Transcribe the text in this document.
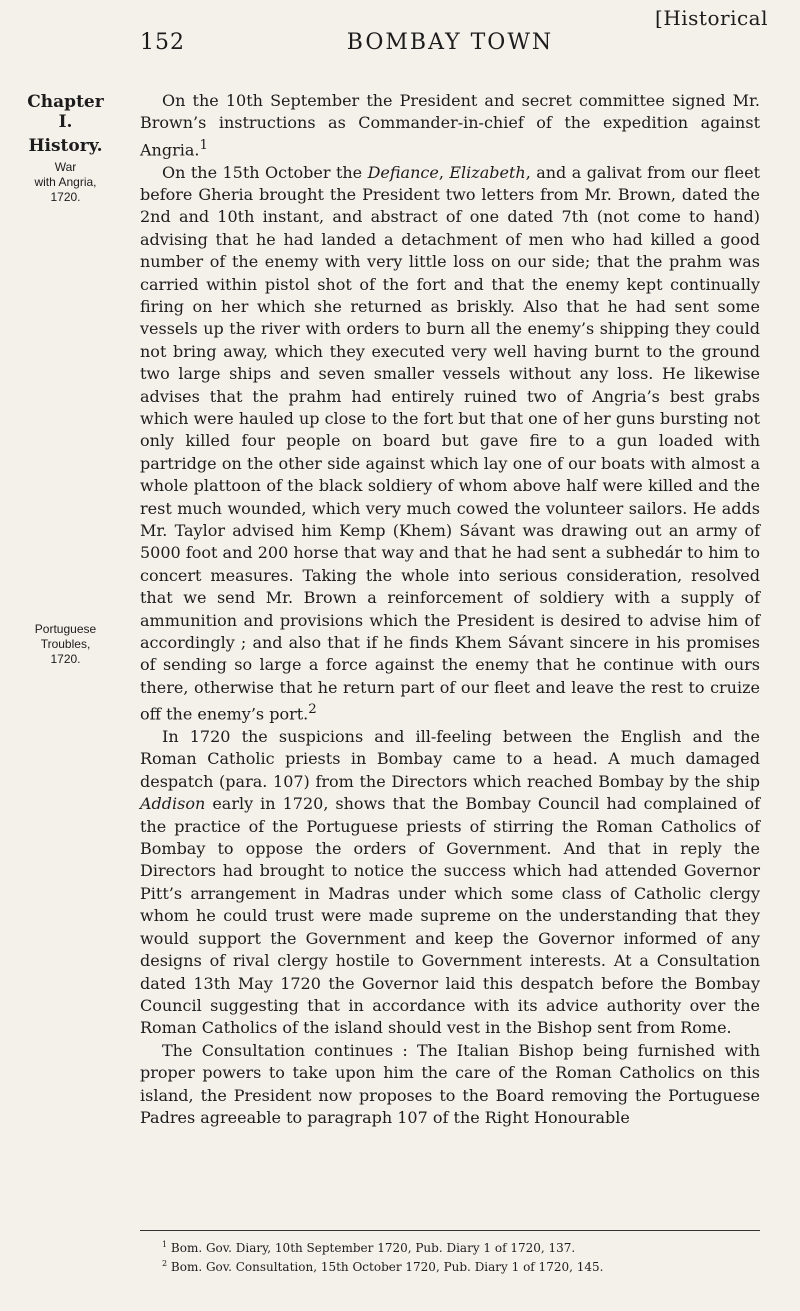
[Historical
152	BOMBAY TOWN
Chapter I.
History.
War
with Angria,
1720.
Portuguese
Troubles,
1720.

On the 10th September the President and secret committee signed Mr. Brown’s instructions as Commander-in-chief of the expedition against Angria.$^1$

On the 15th October the Defiance, Elizabeth, and a galivat from our fleet before Gheria brought the President two letters from Mr. Brown, dated the 2nd and 10th instant, and abstract of one dated 7th (not come to hand) advising that he had landed a detachment of men who had killed a good number of the enemy with very little loss on our side; that the prahm was carried within pistol shot of the fort and that the enemy kept continually firing on her which she returned as briskly. Also that he had sent some vessels up the river with orders to burn all the enemy’s shipping they could not bring away, which they executed very well having burnt to the ground two large ships and seven smaller vessels without any loss. He likewise advises that the prahm had entirely ruined two of Angria’s best grabs which were hauled up close to the fort but that one of her guns bursting not only killed four people on board but gave fire to a gun loaded with partridge on the other side against which lay one of our boats with almost a whole plattoon of the black soldiery of whom above half were killed and the rest much wounded, which very much cowed the volunteer sailors. He adds Mr. Taylor advised him Kemp (Khem) Sávant was drawing out an army of 5000 foot and 200 horse that way and that he had sent a subhedár to him to concert measures. Taking the whole into serious consideration, resolved that we send Mr. Brown a reinforcement of soldiery with a supply of ammunition and provisions which the President is desired to advise him of accordingly ; and also that if he finds Khem Sávant sincere in his promises of sending so large a force against the enemy that he continue with ours there, otherwise that he return part of our fleet and leave the rest to cruize off the enemy’s port.$^2$

In 1720 the suspicions and ill-feeling between the English and the Roman Catholic priests in Bombay came to a head. A much damaged despatch (para. 107) from the Directors which reached Bombay by the ship Addison early in 1720, shows that the Bombay Council had complained of the practice of the Portuguese priests of stirring the Roman Catholics of Bombay to oppose the orders of Government. And that in reply the Directors had brought to notice the success which had attended Governor Pitt’s arrangement in Madras under which some class of Catholic clergy whom he could trust were made supreme on the understanding that they would support the Government and keep the Governor informed of any designs of rival clergy hostile to Government interests. At a Consultation dated 13th May 1720 the Governor laid this despatch before the Bombay Council suggesting that in accordance with its advice authority over the Roman Catholics of the island should vest in the Bishop sent from Rome.

The Consultation continues : The Italian Bishop being furnished with proper powers to take upon him the care of the Roman Catholics on this island, the President now proposes to the Board removing the Portuguese Padres agreeable to paragraph 107 of the Right Honourable

$^1$ Bom. Gov. Diary, 10th September 1720, Pub. Diary 1 of 1720, 137.
$^2$ Bom. Gov. Consultation, 15th October 1720, Pub. Diary 1 of 1720, 145.
